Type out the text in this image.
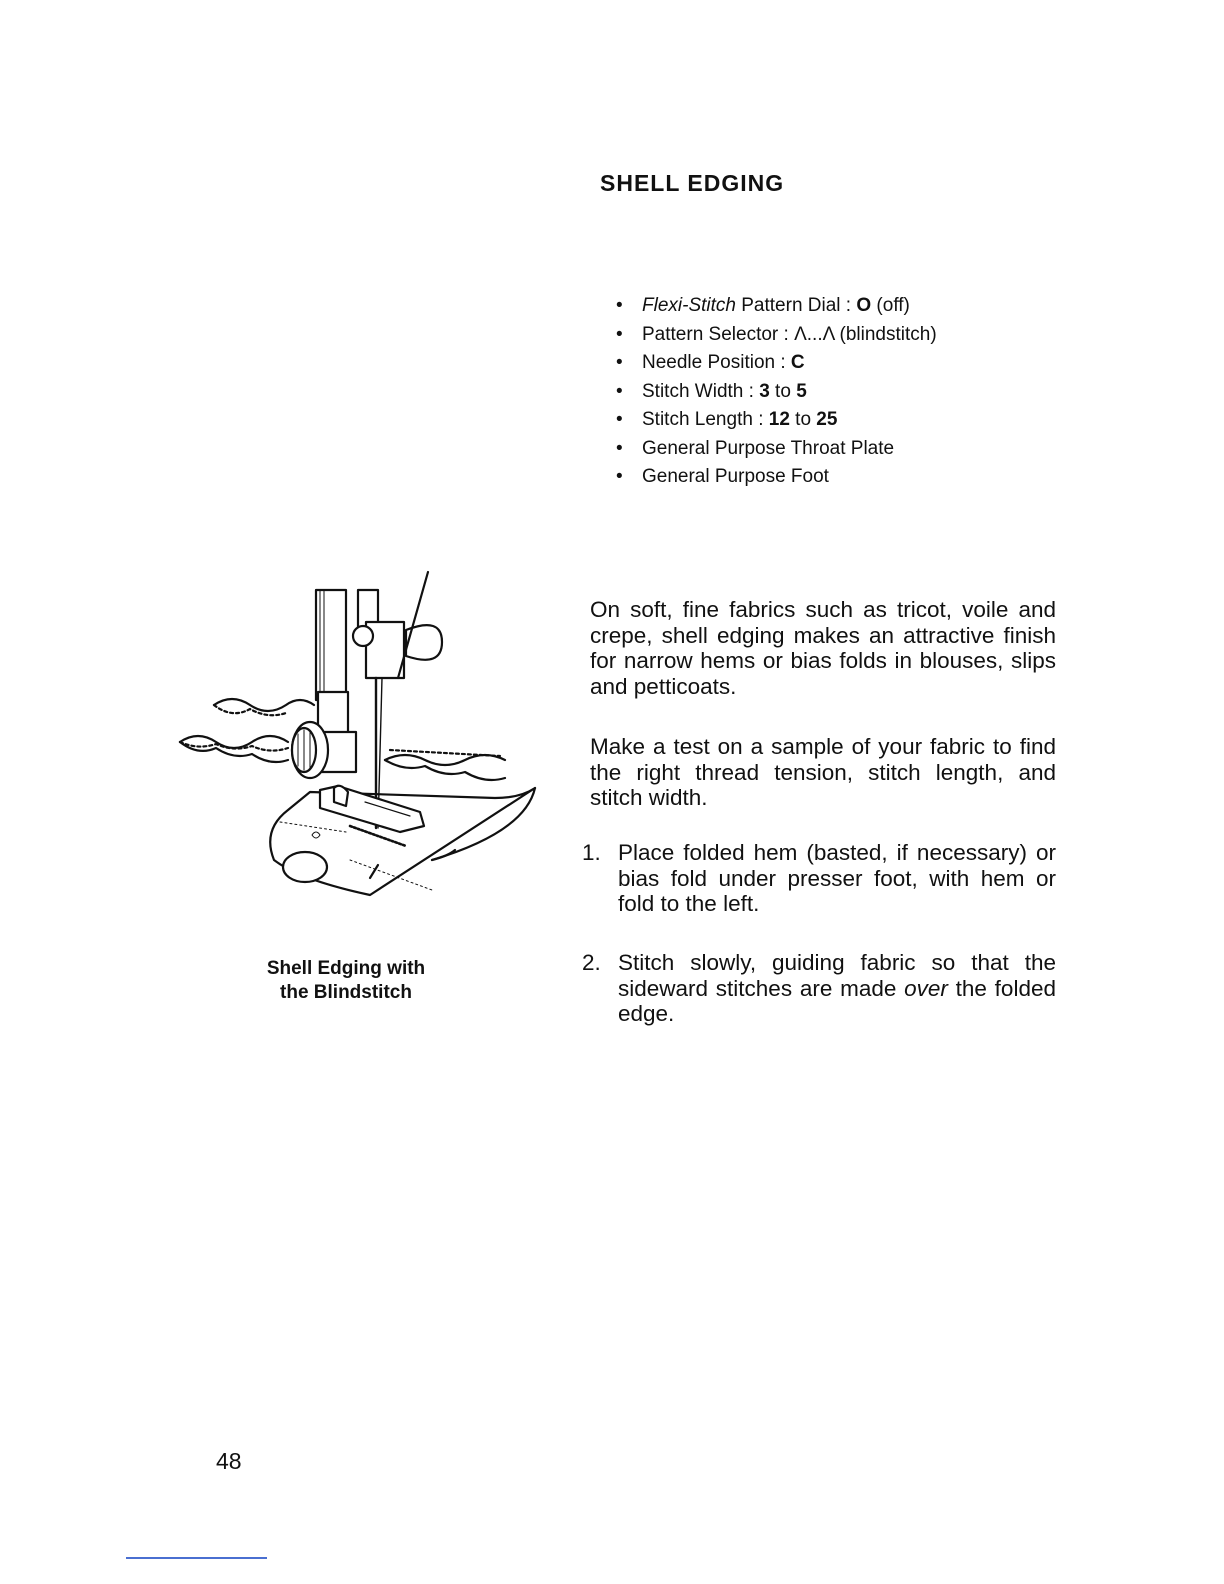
SHELL EDGING
• Flexi-Stitch Pattern Dial : O (off)
• Pattern Selector : Λ...Λ (blindstitch)
• Needle Position : C
• Stitch Width : 3 to 5
• Stitch Length : 12 to 25
• General Purpose Throat Plate
• General Purpose Foot
Shell Edging with
the Blindstitch
On soft, fine fabrics such as tricot, voile and crepe, shell edging makes an attractive finish for narrow hems or bias folds in blouses, slips and petticoats.
Make a test on a sample of your fabric to find the right thread tension, stitch length, and stitch width.
1. Place folded hem (basted, if necessary) or bias fold under presser foot, with hem or fold to the left.
2. Stitch slowly, guiding fabric so that the sideward stitches are made over the folded edge.
48
